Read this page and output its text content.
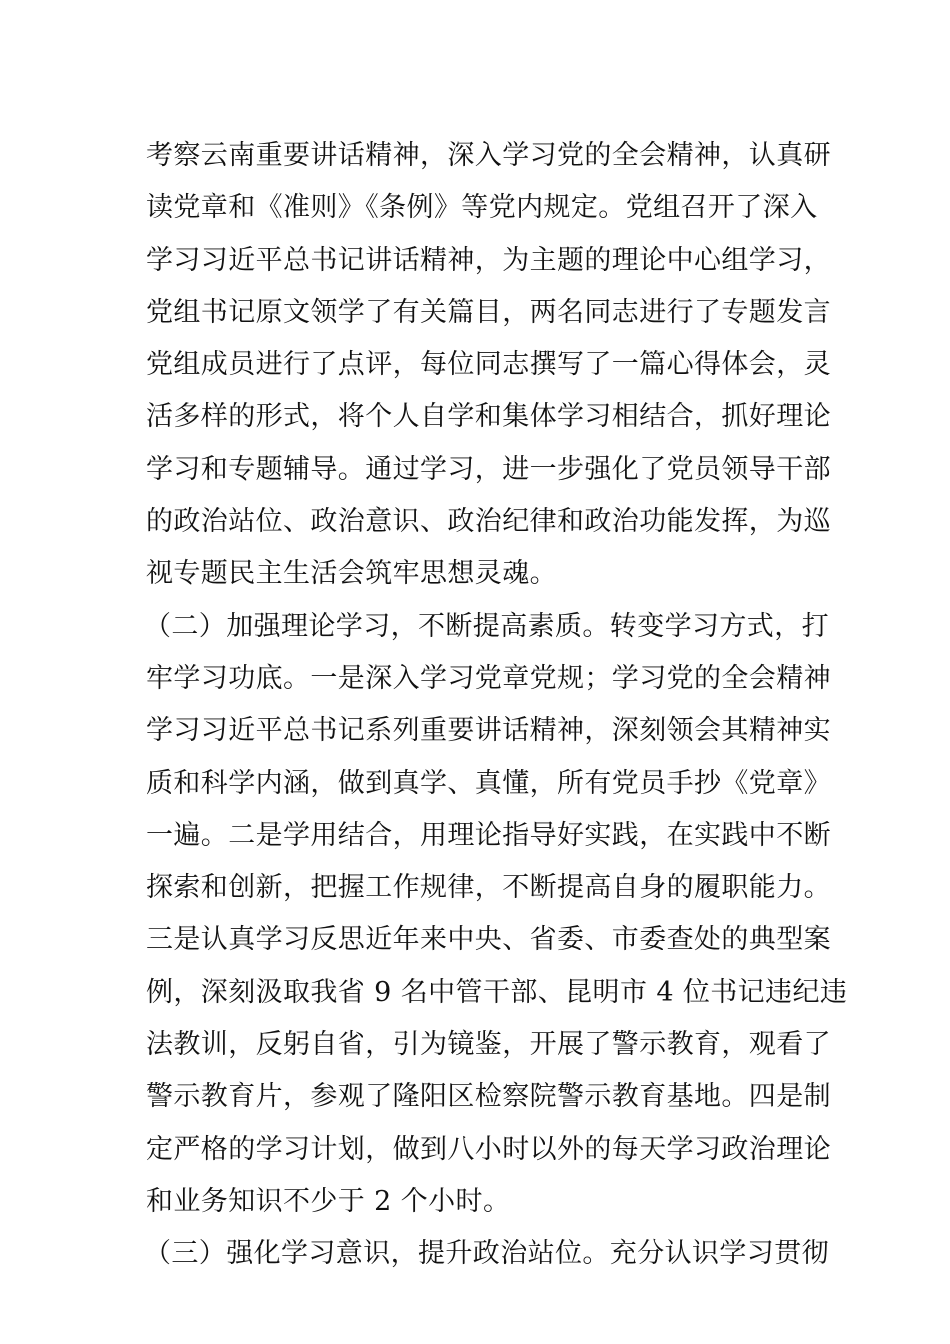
考察云南重要讲话精神，深入学习党的全会精神，认真研
读党章和《准则》《条例》等党内规定。党组召开了深入
学习习近平总书记讲话精神，为主题的理论中心组学习，
党组书记原文领学了有关篇目，两名同志进行了专题发言
党组成员进行了点评，每位同志撰写了一篇心得体会，灵
活多样的形式，将个人自学和集体学习相结合，抓好理论
学习和专题辅导。通过学习，进一步强化了党员领导干部
的政治站位、政治意识、政治纪律和政治功能发挥，为巡
视专题民主生活会筑牢思想灵魂。
（二）加强理论学习，不断提高素质。转变学习方式，打
牢学习功底。一是深入学习党章党规；学习党的全会精神
学习习近平总书记系列重要讲话精神，深刻领会其精神实
质和科学内涵，做到真学、真懂，所有党员手抄《党章》
一遍。二是学用结合，用理论指导好实践，在实践中不断
探索和创新，把握工作规律，不断提高自身的履职能力。
三是认真学习反思近年来中央、省委、市委查处的典型案
例，深刻汲取我省 9 名中管干部、昆明市 4 位书记违纪违
法教训，反躬自省，引为镜鉴，开展了警示教育，观看了
警示教育片，参观了隆阳区检察院警示教育基地。四是制
定严格的学习计划，做到八小时以外的每天学习政治理论
和业务知识不少于 2 个小时。
（三）强化学习意识，提升政治站位。充分认识学习贯彻
